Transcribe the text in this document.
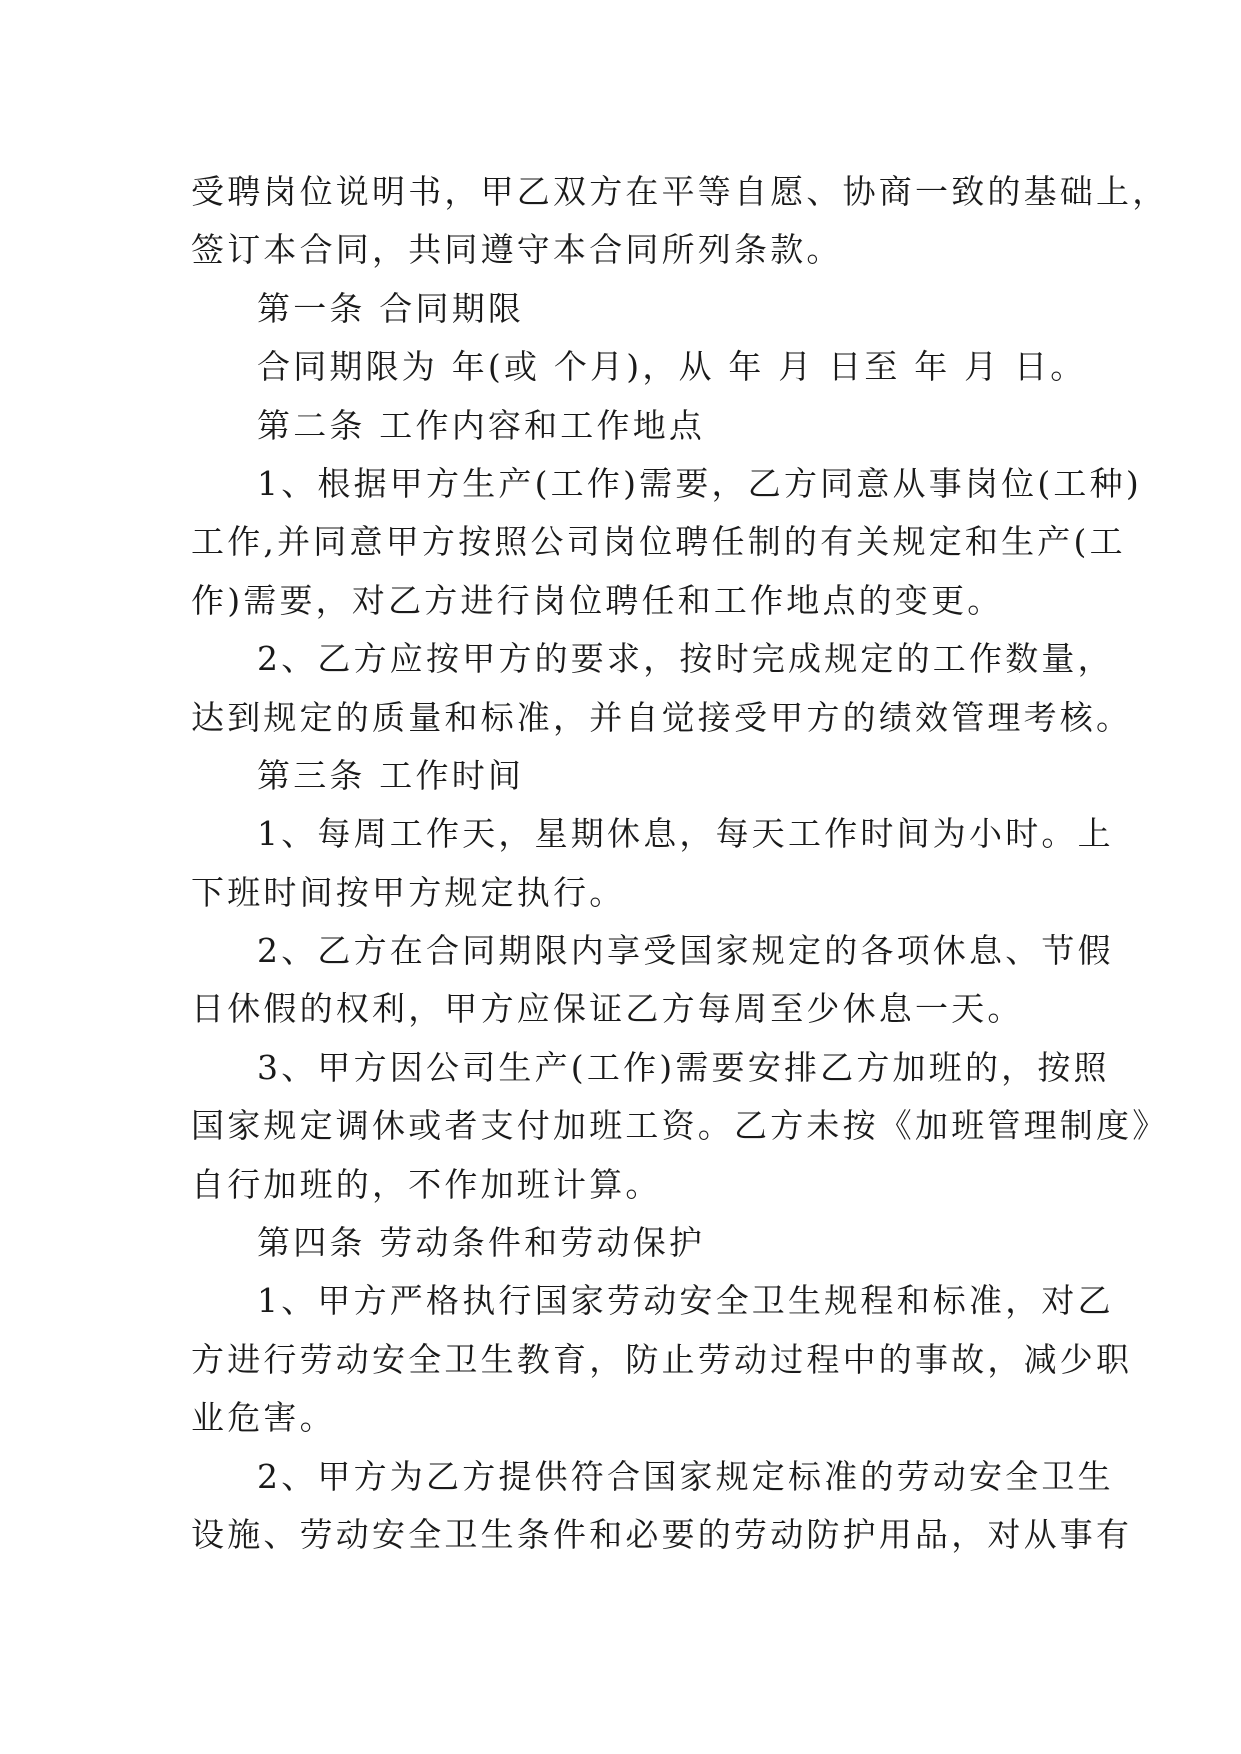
受聘岗位说明书，甲乙双方在平等自愿、协商一致的基础上，
签订本合同，共同遵守本合同所列条款。
第一条 合同期限
合同期限为 年(或 个月)，从 年 月 日至 年 月 日。
第二条 工作内容和工作地点
1、根据甲方生产(工作)需要，乙方同意从事岗位(工种)
工作,并同意甲方按照公司岗位聘任制的有关规定和生产(工
作)需要，对乙方进行岗位聘任和工作地点的变更。
2、乙方应按甲方的要求，按时完成规定的工作数量，
达到规定的质量和标准，并自觉接受甲方的绩效管理考核。
第三条 工作时间
1、每周工作天，星期休息，每天工作时间为小时。上
下班时间按甲方规定执行。
2、乙方在合同期限内享受国家规定的各项休息、节假
日休假的权利，甲方应保证乙方每周至少休息一天。
3、甲方因公司生产(工作)需要安排乙方加班的，按照
国家规定调休或者支付加班工资。乙方未按《加班管理制度》
自行加班的，不作加班计算。
第四条 劳动条件和劳动保护
1、甲方严格执行国家劳动安全卫生规程和标准，对乙
方进行劳动安全卫生教育，防止劳动过程中的事故，减少职
业危害。
2、甲方为乙方提供符合国家规定标准的劳动安全卫生
设施、劳动安全卫生条件和必要的劳动防护用品，对从事有
